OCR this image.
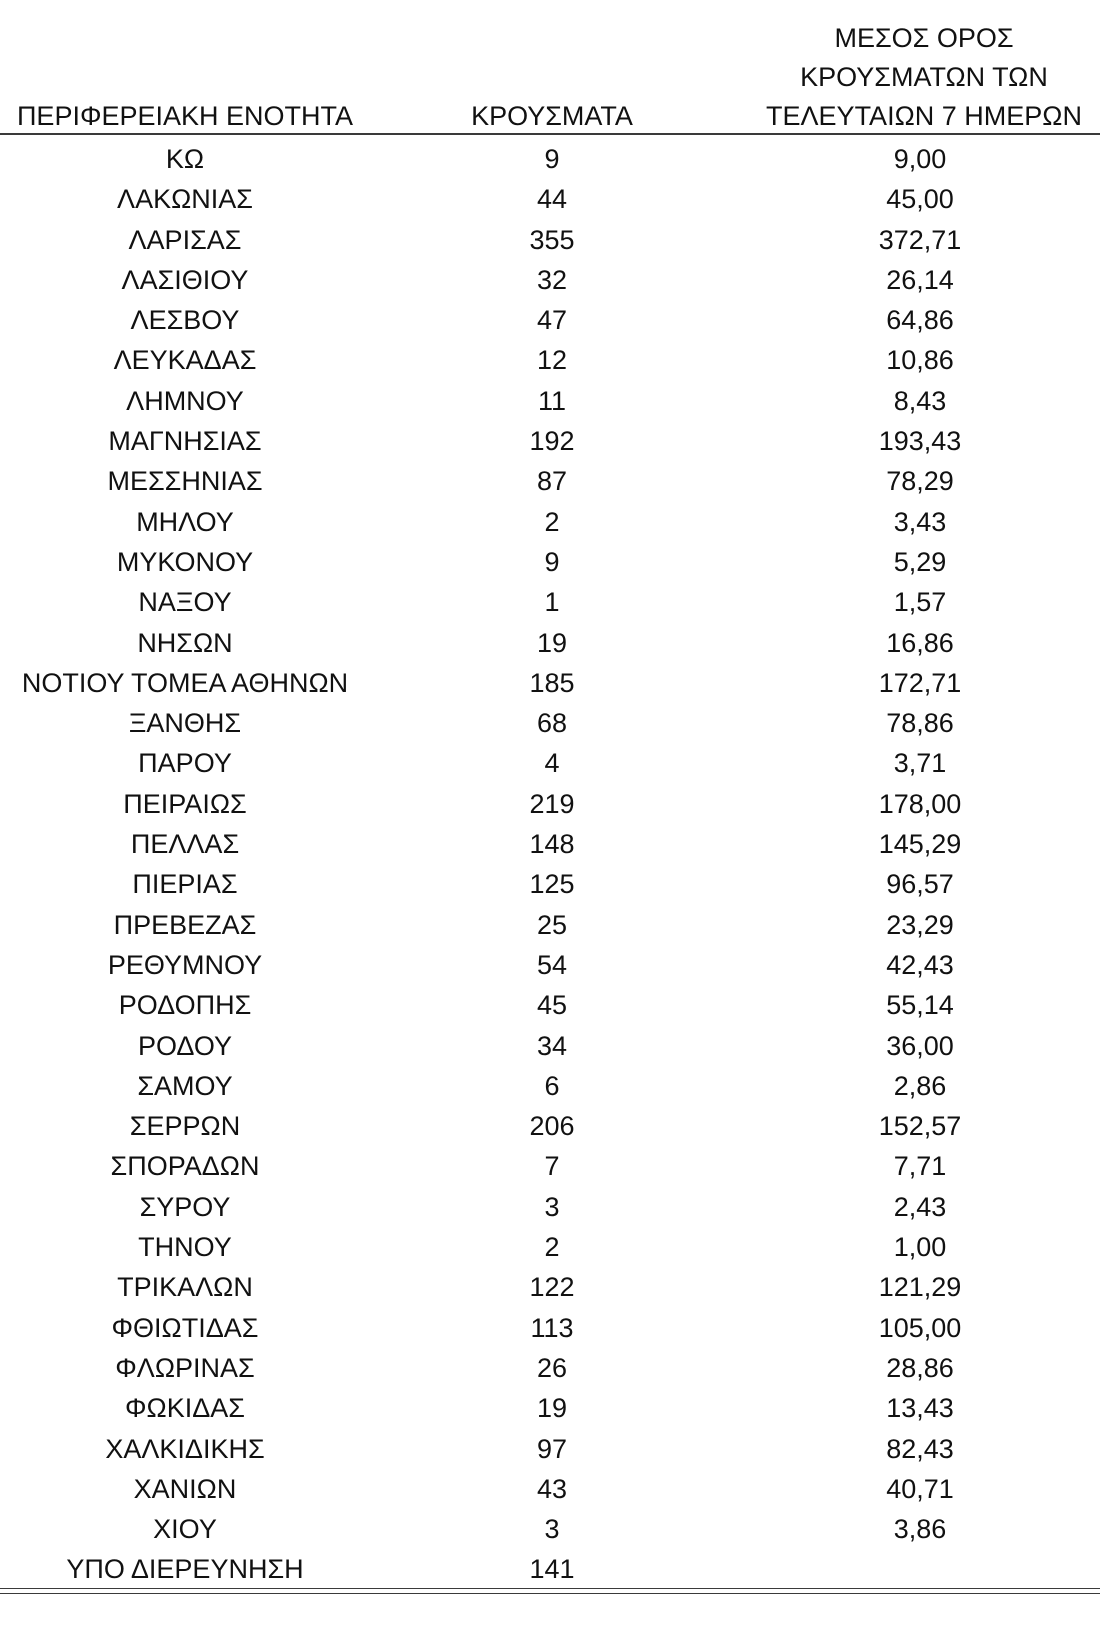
ΠΕΡΙΦΕΡΕΙΑΚΗ ΕΝΟΤΗΤΑ	ΚΡΟΥΣΜΑΤΑ
ΜΕΣΟΣ ΟΡΟΣ
ΚΡΟΥΣΜΑΤΩΝ ΤΩΝ
ΤΕΛΕΥΤΑΙΩΝ 7 ΗΜΕΡΩΝ
ΚΩ	9	9,00
ΛΑΚΩΝΙΑΣ	44	45,00
ΛΑΡΙΣΑΣ	355	372,71
ΛΑΣΙΘΙΟΥ	32	26,14
ΛΕΣΒΟΥ	47	64,86
ΛΕΥΚΑΔΑΣ	12	10,86
ΛΗΜΝΟΥ	11	8,43
ΜΑΓΝΗΣΙΑΣ	192	193,43
ΜΕΣΣΗΝΙΑΣ	87	78,29
ΜΗΛΟΥ	2	3,43
ΜΥΚΟΝΟΥ	9	5,29
ΝΑΞΟΥ	1	1,57
ΝΗΣΩΝ	19	16,86
ΝΟΤΙΟΥ ΤΟΜΕΑ ΑΘΗΝΩΝ	185	172,71
ΞΑΝΘΗΣ	68	78,86
ΠΑΡΟΥ	4	3,71
ΠΕΙΡΑΙΩΣ	219	178,00
ΠΕΛΛΑΣ	148	145,29
ΠΙΕΡΙΑΣ	125	96,57
ΠΡΕΒΕΖΑΣ	25	23,29
ΡΕΘΥΜΝΟΥ	54	42,43
ΡΟΔΟΠΗΣ	45	55,14
ΡΟΔΟΥ	34	36,00
ΣΑΜΟΥ	6	2,86
ΣΕΡΡΩΝ	206	152,57
ΣΠΟΡΑΔΩΝ	7	7,71
ΣΥΡΟΥ	3	2,43
ΤΗΝΟΥ	2	1,00
ΤΡΙΚΑΛΩΝ	122	121,29
ΦΘΙΩΤΙΔΑΣ	113	105,00
ΦΛΩΡΙΝΑΣ	26	28,86
ΦΩΚΙΔΑΣ	19	13,43
ΧΑΛΚΙΔΙΚΗΣ	97	82,43
ΧΑΝΙΩΝ	43	40,71
ΧΙΟΥ	3	3,86
ΥΠΟ ΔΙΕΡΕΥΝΗΣΗ	141
